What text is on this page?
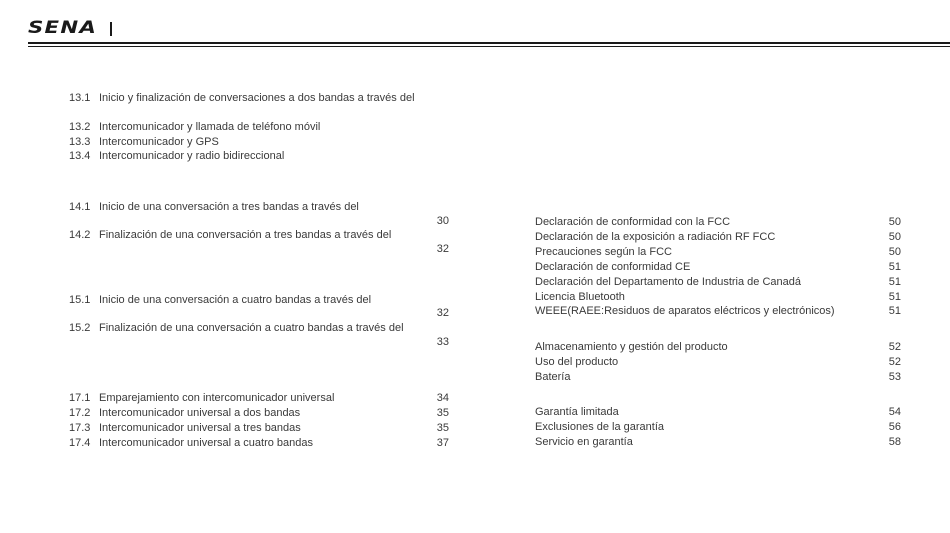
SENA
13.1 Inicio y finalización de conversaciones a dos bandas a través del
13.2 Intercomunicador y llamada de teléfono móvil
13.3 Intercomunicador y GPS
13.4 Intercomunicador y radio bidireccional
14.1 Inicio de una conversación a tres bandas a través del
30
14.2 Finalización de una conversación a tres bandas a través del
32
15.1 Inicio de una conversación a cuatro bandas a través del
32
15.2 Finalización de una conversación a cuatro bandas a través del
33
17.1 Emparejamiento con intercomunicador universal	34
17.2 Intercomunicador universal a dos bandas	35
17.3 Intercomunicador universal a tres bandas	35
17.4 Intercomunicador universal a cuatro bandas	37
Declaración de conformidad con la FCC	50
Declaración de la exposición a radiación RF FCC	50
Precauciones según la FCC	50
Declaración de conformidad CE	51
Declaración del Departamento de Industria de Canadá	51
Licencia Bluetooth	51
WEEE(RAEE:Residuos de aparatos eléctricos y electrónicos)	51
Almacenamiento y gestión del producto	52
Uso del producto	52
Batería	53
Garantía limitada	54
Exclusiones de la garantía	56
Servicio en garantía	58
